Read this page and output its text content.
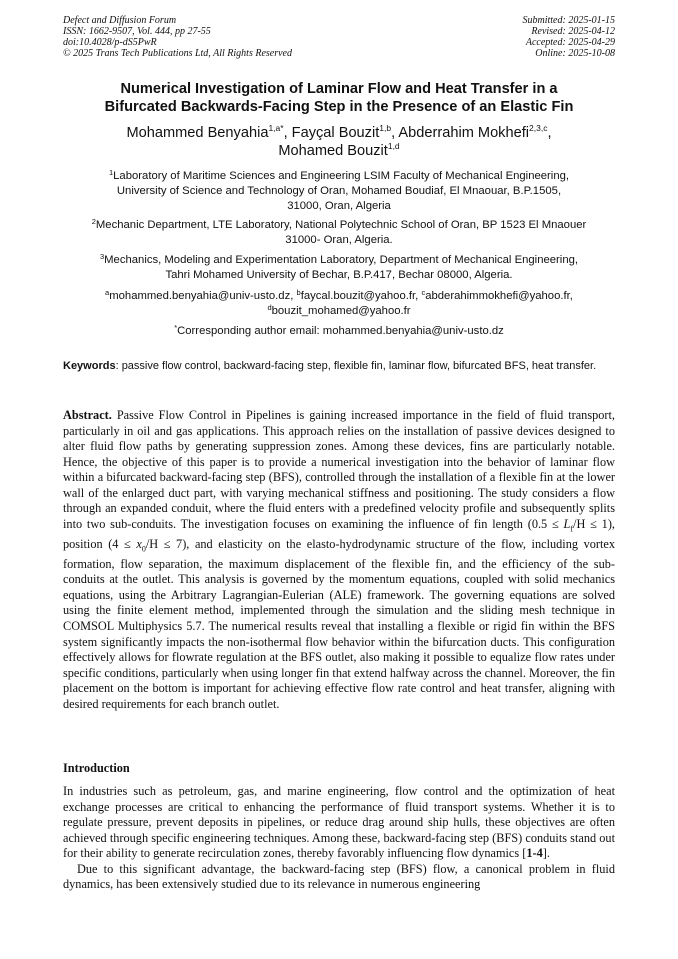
Defect and Diffusion Forum
ISSN: 1662-9507, Vol. 444, pp 27-55
doi:10.4028/p-dS5PwR
© 2025 Trans Tech Publications Ltd, All Rights Reserved
Submitted: 2025-01-15
Revised: 2025-04-12
Accepted: 2025-04-29
Online: 2025-10-08
Numerical Investigation of Laminar Flow and Heat Transfer in a
Bifurcated Backwards-Facing Step in the Presence of an Elastic Fin
Mohammed Benyahia$^{1,a*}$, Fayçal Bouzit$^{1,b}$, Abderrahim Mokhefi$^{2,3,c}$,
Mohamed Bouzit$^{1,d}$
$^1$Laboratory of Maritime Sciences and Engineering LSIM Faculty of Mechanical Engineering,
University of Science and Technology of Oran, Mohamed Boudiaf, El Mnaouar, B.P.1505,
31000, Oran, Algeria
$^2$Mechanic Department, LTE Laboratory, National Polytechnic School of Oran, BP 1523 El Mnaouer
31000- Oran, Algeria.
$^3$Mechanics, Modeling and Experimentation Laboratory, Department of Mechanical Engineering,
Tahri Mohamed University of Bechar, B.P.417, Bechar 08000, Algeria.
$^a$mohammed.benyahia@univ-usto.dz, $^b$faycal.bouzit@yahoo.fr, $^c$abderahimmokhefi@yahoo.fr,
$^d$bouzit_mohamed@yahoo.fr
*Corresponding author email: mohammed.benyahia@univ-usto.dz
Keywords: passive flow control, backward-facing step, flexible fin, laminar flow, bifurcated BFS, heat transfer.
Abstract. Passive Flow Control in Pipelines is gaining increased importance in the field of fluid transport, particularly in oil and gas applications. This approach relies on the installation of passive devices designed to alter fluid flow paths by generating suppression zones. Among these devices, fins are particularly notable. Hence, the objective of this paper is to provide a numerical investigation into the behavior of laminar flow within a bifurcated backward-facing step (BFS), controlled through the installation of a flexible fin at the lower wall of the enlarged duct part, with varying mechanical stiffness and positioning. The study considers a flow through an expanded conduit, where the fluid enters with a predefined velocity profile and subsequently splits into two sub-conduits. The investigation focuses on examining the influence of fin length $(0.5 \le L_f/H \le 1)$, position $(4 \le x_0/H \le 7)$, and elasticity on the elasto-hydrodynamic structure of the flow, including vortex formation, flow separation, the maximum displacement of the flexible fin, and the efficiency of the sub-conduits at the outlet. This analysis is governed by the momentum equations, coupled with solid mechanics equations, using the Arbitrary Lagrangian-Eulerian (ALE) framework. The governing equations are solved using the finite element method, implemented through the simulation and the sliding mesh technique in COMSOL Multiphysics 5.7. The numerical results reveal that installing a flexible or rigid fin within the BFS system significantly impacts the non-isothermal flow behavior within the bifurcation ducts. This configuration effectively allows for flowrate regulation at the BFS outlet, also making it possible to equalize flow rates under specific conditions, particularly when using longer fin that extend halfway across the channel. Moreover, the fin placement on the bottom is important for achieving effective flow rate control and heat transfer, aligning with desired requirements for each branch outlet.
Introduction

In industries such as petroleum, gas, and marine engineering, flow control and the optimization of heat exchange processes are critical to enhancing the performance of fluid transport systems. Whether it is to regulate pressure, prevent deposits in pipelines, or reduce drag around ship hulls, these objectives are often achieved through specific engineering techniques. Among these, backward-facing step (BFS) conduits stand out for their ability to generate recirculation zones, thereby favorably influencing flow dynamics [1-4].

Due to this significant advantage, the backward-facing step (BFS) flow, a canonical problem in fluid dynamics, has been extensively studied due to its relevance in numerous engineering
